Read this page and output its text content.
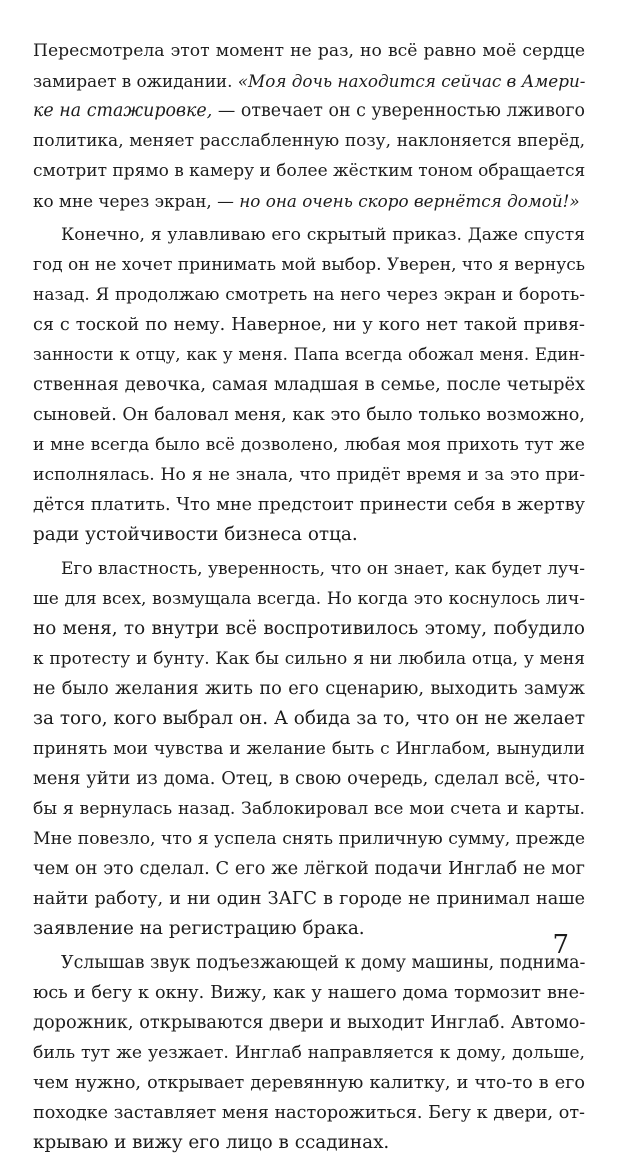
Пересмотрела этот момент не раз, но всё равно моё сердце
замирает в ожидании. «Моя дочь находится сейчас в Амери-
ке на стажировке, — отвечает он с уверенностью лживого
политика, меняет расслабленную позу, наклоняется вперёд,
смотрит прямо в камеру и более жёстким тоном обращается
ко мне через экран, — но она очень скоро вернётся домой!»
Конечно, я улавливаю его скрытый приказ. Даже спустя
год он не хочет принимать мой выбор. Уверен, что я вернусь
назад. Я продолжаю смотреть на него через экран и бороть-
ся с тоской по нему. Наверное, ни у кого нет такой привя-
занности к отцу, как у меня. Папа всегда обожал меня. Един-
ственная девочка, самая младшая в семье, после четырёх
сыновей. Он баловал меня, как это было только возможно,
и мне всегда было всё дозволено, любая моя прихоть тут же
исполнялась. Но я не знала, что придёт время и за это при-
дётся платить. Что мне предстоит принести себя в жертву
ради устойчивости бизнеса отца.
Его властность, уверенность, что он знает, как будет луч-
ше для всех, возмущала всегда. Но когда это коснулось лич-
но меня, то внутри всё воспротивилось этому, побудило
к протесту и бунту. Как бы сильно я ни любила отца, у меня
не было желания жить по его сценарию, выходить замуж
за того, кого выбрал он. А обида за то, что он не желает
принять мои чувства и желание быть с Инглабом, вынудили
меня уйти из дома. Отец, в свою очередь, сделал всё, что-
бы я вернулась назад. Заблокировал все мои счета и карты.
Мне повезло, что я успела снять приличную сумму, прежде
чем он это сделал. С его же лёгкой подачи Инглаб не мог
найти работу, и ни один ЗАГС в городе не принимал наше
заявление на регистрацию брака.
Услышав звук подъезжающей к дому машины, поднима-
юсь и бегу к окну. Вижу, как у нашего дома тормозит вне-
дорожник, открываются двери и выходит Инглаб. Автомо-
биль тут же уезжает. Инглаб направляется к дому, дольше,
чем нужно, открывает деревянную калитку, и что-то в его
походке заставляет меня насторожиться. Бегу к двери, от-
крываю и вижу его лицо в ссадинах.
7
